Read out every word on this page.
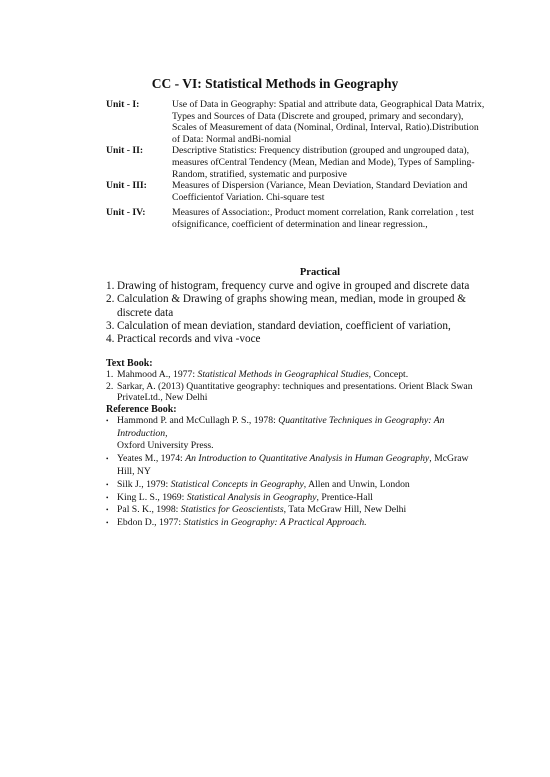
CC - VI: Statistical Methods in Geography
Unit - I:	Use of Data in Geography: Spatial and attribute data, Geographical Data Matrix, Types and Sources of Data (Discrete and grouped, primary and secondary), Scales of Measurement of data (Nominal, Ordinal, Interval, Ratio).Distribution of Data: Normal andBi-nomial
Unit - II:	Descriptive Statistics: Frequency distribution (grouped and ungrouped data), measures ofCentral Tendency (Mean, Median and Mode), Types of Sampling-Random, stratified, systematic and purposive
Unit - III:	Measures of Dispersion (Variance, Mean Deviation, Standard Deviation and Coefficientof Variation. Chi-square test
Unit - IV:	Measures of Association:, Product moment correlation, Rank correlation , test ofsignificance, coefficient of determination and linear regression.,
Practical
1. Drawing of histogram, frequency curve and ogive in grouped and discrete data
2. Calculation & Drawing of graphs showing mean, median, mode in grouped & discrete data
3. Calculation of mean deviation, standard deviation, coefficient of variation,
4. Practical records and viva -voce
Text Book:
1. Mahmood A., 1977: Statistical Methods in Geographical Studies, Concept.
2. Sarkar, A. (2013) Quantitative geography: techniques and presentations. Orient Black Swan PrivateLtd., New Delhi
Reference Book:
• Hammond P. and McCullagh P. S., 1978: Quantitative Techniques in Geography: An Introduction,
Oxford University Press.
• Yeates M., 1974: An Introduction to Quantitative Analysis in Human Geography, McGraw Hill, NY
• Silk J., 1979: Statistical Concepts in Geography, Allen and Unwin, London
• King L. S., 1969: Statistical Analysis in Geography, Prentice-Hall
• Pal S. K., 1998: Statistics for Geoscientists, Tata McGraw Hill, New Delhi
• Ebdon D., 1977: Statistics in Geography: A Practical Approach.
